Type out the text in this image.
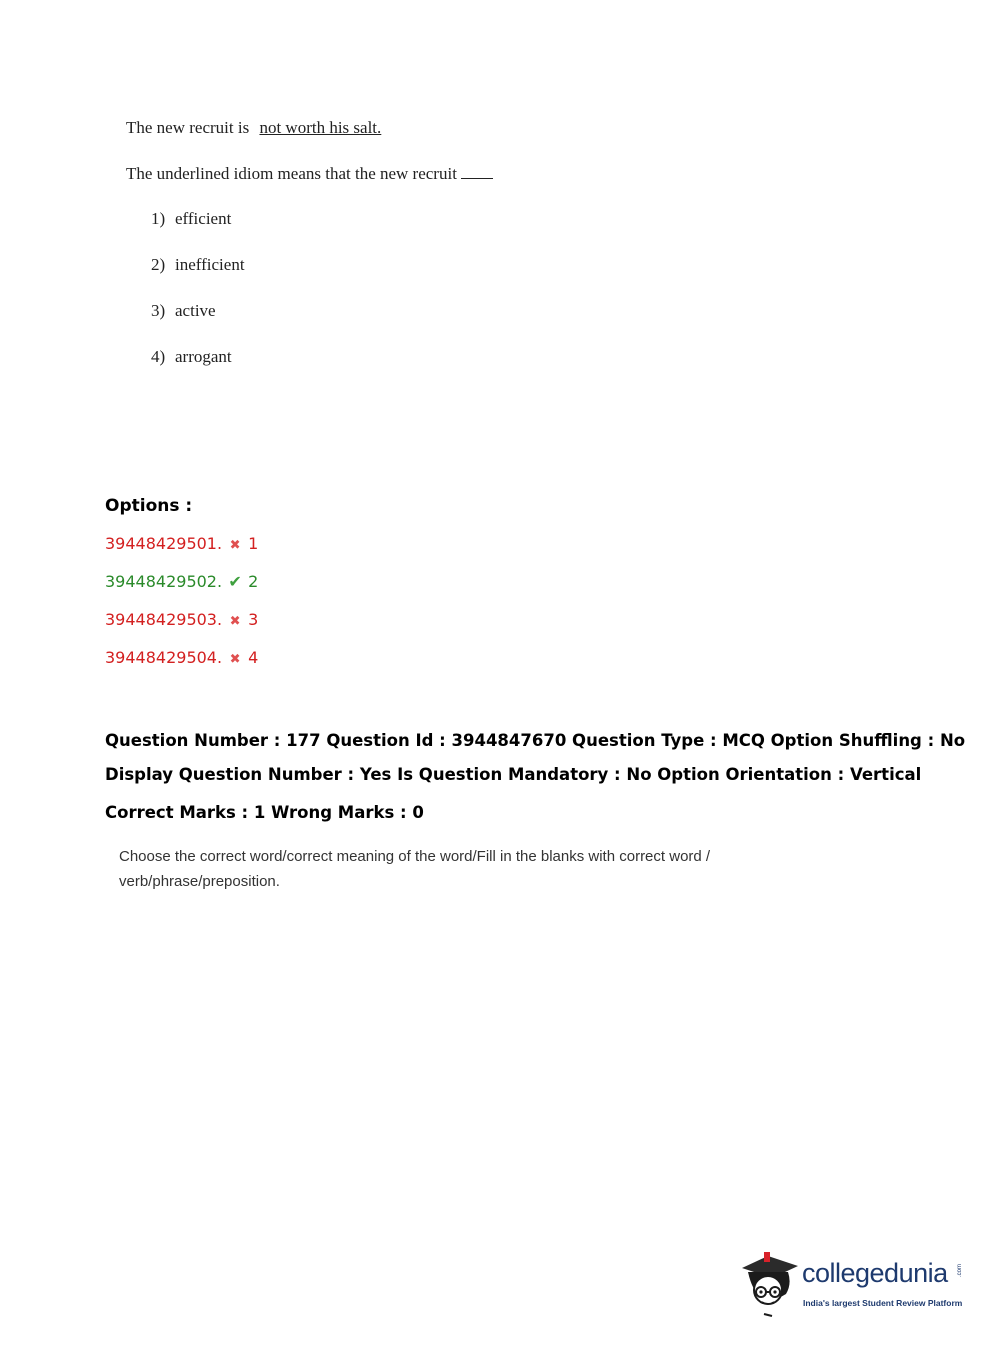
The new recruit is not worth his salt.
The underlined idiom means that the new recruit
1) efficient
2) inefficient
3) active
4) arrogant
Options :
39448429501. ✖ 1
39448429502. ✔ 2
39448429503. ✖ 3
39448429504. ✖ 4
Question Number : 177 Question Id : 3944847670 Question Type : MCQ Option Shuffling : No
Display Question Number : Yes Is Question Mandatory : No Option Orientation : Vertical
Correct Marks : 1 Wrong Marks : 0
Choose the correct word/correct meaning of the word/Fill in the blanks with correct word /
verb/phrase/preposition.
collegedunia .com
India's largest Student Review Platform
